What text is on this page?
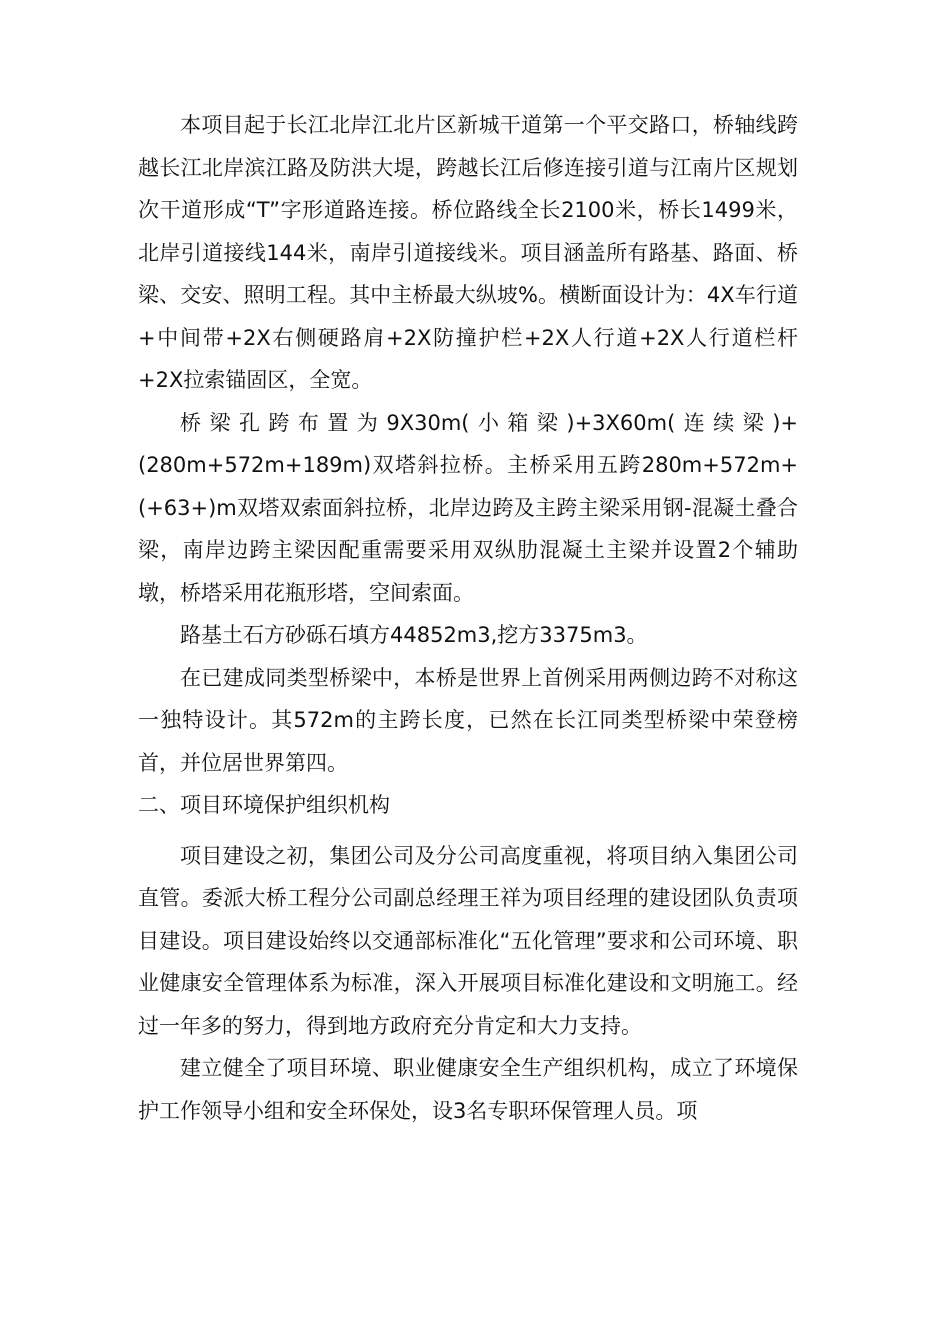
本项目起于长江北岸江北片区新城干道第一个平交路口，桥轴线跨越长江北岸滨江路及防洪大堤，跨越长江后修连接引道与江南片区规划次干道形成“T”字形道路连接。桥位路线全长2100米，桥长1499米，北岸引道接线144米，南岸引道接线米。项目涵盖所有路基、路面、桥梁、交安、照明工程。其中主桥最大纵坡%。横断面设计为：4X车行道+中间带+2X右侧硬路肩+2X防撞护栏+2X人行道+2X人行道栏杆+2X拉索锚固区，全宽。

桥梁孔跨布置为9X30m(小箱梁)+3X60m(连续梁)+(280m+572m+189m)双塔斜拉桥。主桥采用五跨280m+572m+(+63+)m双塔双索面斜拉桥，北岸边跨及主跨主梁采用钢-混凝土叠合梁，南岸边跨主梁因配重需要采用双纵肋混凝土主梁并设置2个辅助墩，桥塔采用花瓶形塔，空间索面。

路基土石方砂砾石填方44852m3,挖方3375m3。

在已建成同类型桥梁中，本桥是世界上首例采用两侧边跨不对称这一独特设计。其572m的主跨长度，已然在长江同类型桥梁中荣登榜首，并位居世界第四。

二、项目环境保护组织机构

项目建设之初，集团公司及分公司高度重视，将项目纳入集团公司直管。委派大桥工程分公司副总经理王祥为项目经理的建设团队负责项目建设。项目建设始终以交通部标准化“五化管理”要求和公司环境、职业健康安全管理体系为标准，深入开展项目标准化建设和文明施工。经过一年多的努力，得到地方政府充分肯定和大力支持。

建立健全了项目环境、职业健康安全生产组织机构，成立了环境保护工作领导小组和安全环保处，设3名专职环保管理人员。项
